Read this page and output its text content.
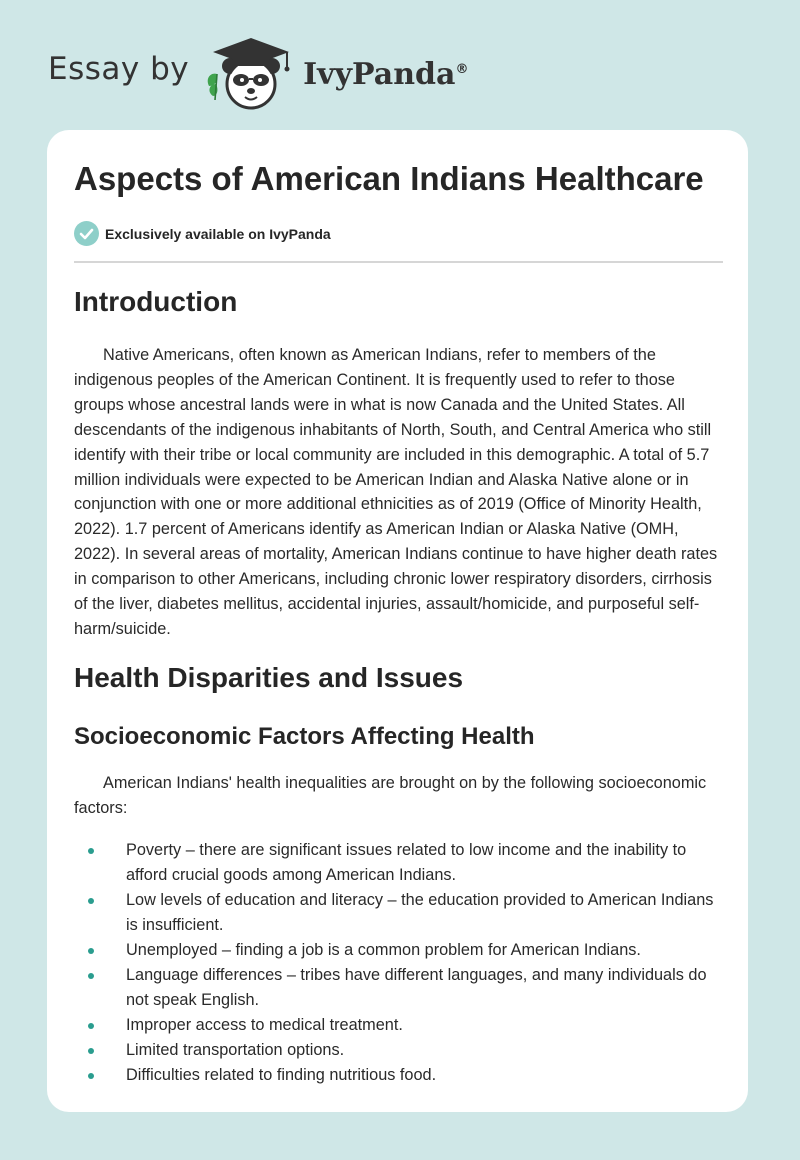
Essay by	IvyPanda®
Aspects of American Indians Healthcare
Exclusively available on IvyPanda
Introduction

Native Americans, often known as American Indians, refer to members of the indigenous peoples of the American Continent. It is frequently used to refer to those groups whose ancestral lands were in what is now Canada and the United States. All descendants of the indigenous inhabitants of North, South, and Central America who still identify with their tribe or local community are included in this demographic. A total of 5.7 million individuals were expected to be American Indian and Alaska Native alone or in conjunction with one or more additional ethnicities as of 2019 (Office of Minority Health, 2022). 1.7 percent of Americans identify as American Indian or Alaska Native (OMH, 2022). In several areas of mortality, American Indians continue to have higher death rates in comparison to other Americans, including chronic lower respiratory disorders, cirrhosis of the liver, diabetes mellitus, accidental injuries, assault/homicide, and purposeful self-harm/suicide.

Health Disparities and Issues
Socioeconomic Factors Affecting Health

American Indians' health inequalities are brought on by the following socioeconomic factors:

Poverty – there are significant issues related to low income and the inability to afford crucial goods among American Indians.
Low levels of education and literacy – the education provided to American Indians is insufficient.
Unemployed – finding a job is a common problem for American Indians.
Language differences – tribes have different languages, and many individuals do not speak English.
Improper access to medical treatment.
Limited transportation options.
Difficulties related to finding nutritious food.
